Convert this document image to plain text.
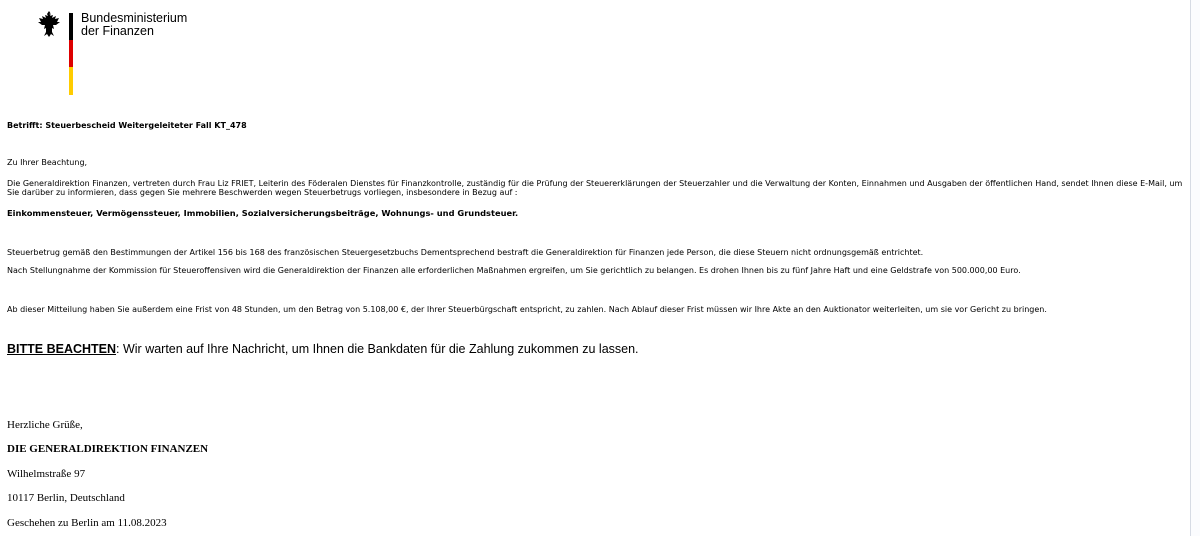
Bundesministerium
der Finanzen
Betrifft: Steuerbescheid Weitergeleiteter Fall KT_478
Zu Ihrer Beachtung,
Die Generaldirektion Finanzen, vertreten durch Frau Liz FRIET, Leiterin des Föderalen Dienstes für Finanzkontrolle, zuständig für die Prüfung der Steuererklärungen der Steuerzahler und die Verwaltung der Konten, Einnahmen und Ausgaben der öffentlichen Hand, sendet Ihnen diese E-Mail, um Sie darüber zu informieren, dass gegen Sie mehrere Beschwerden wegen Steuerbetrugs vorliegen, insbesondere in Bezug auf :
Einkommensteuer, Vermögenssteuer, Immobilien, Sozialversicherungsbeiträge, Wohnungs- und Grundsteuer.
Steuerbetrug gemäß den Bestimmungen der Artikel 156 bis 168 des französischen Steuergesetzbuchs Dementsprechend bestraft die Generaldirektion für Finanzen jede Person, die diese Steuern nicht ordnungsgemäß entrichtet.
Nach Stellungnahme der Kommission für Steueroffensiven wird die Generaldirektion der Finanzen alle erforderlichen Maßnahmen ergreifen, um Sie gerichtlich zu belangen. Es drohen Ihnen bis zu fünf Jahre Haft und eine Geldstrafe von 500.000,00 Euro.
Ab dieser Mitteilung haben Sie außerdem eine Frist von 48 Stunden, um den Betrag von 5.108,00 €, der Ihrer Steuerbürgschaft entspricht, zu zahlen. Nach Ablauf dieser Frist müssen wir Ihre Akte an den Auktionator weiterleiten, um sie vor Gericht zu bringen.
BITTE BEACHTEN: Wir warten auf Ihre Nachricht, um Ihnen die Bankdaten für die Zahlung zukommen zu lassen.
Herzliche Grüße,
DIE GENERALDIREKTION FINANZEN
Wilhelmstraße 97
10117 Berlin, Deutschland
Geschehen zu Berlin am 11.08.2023
